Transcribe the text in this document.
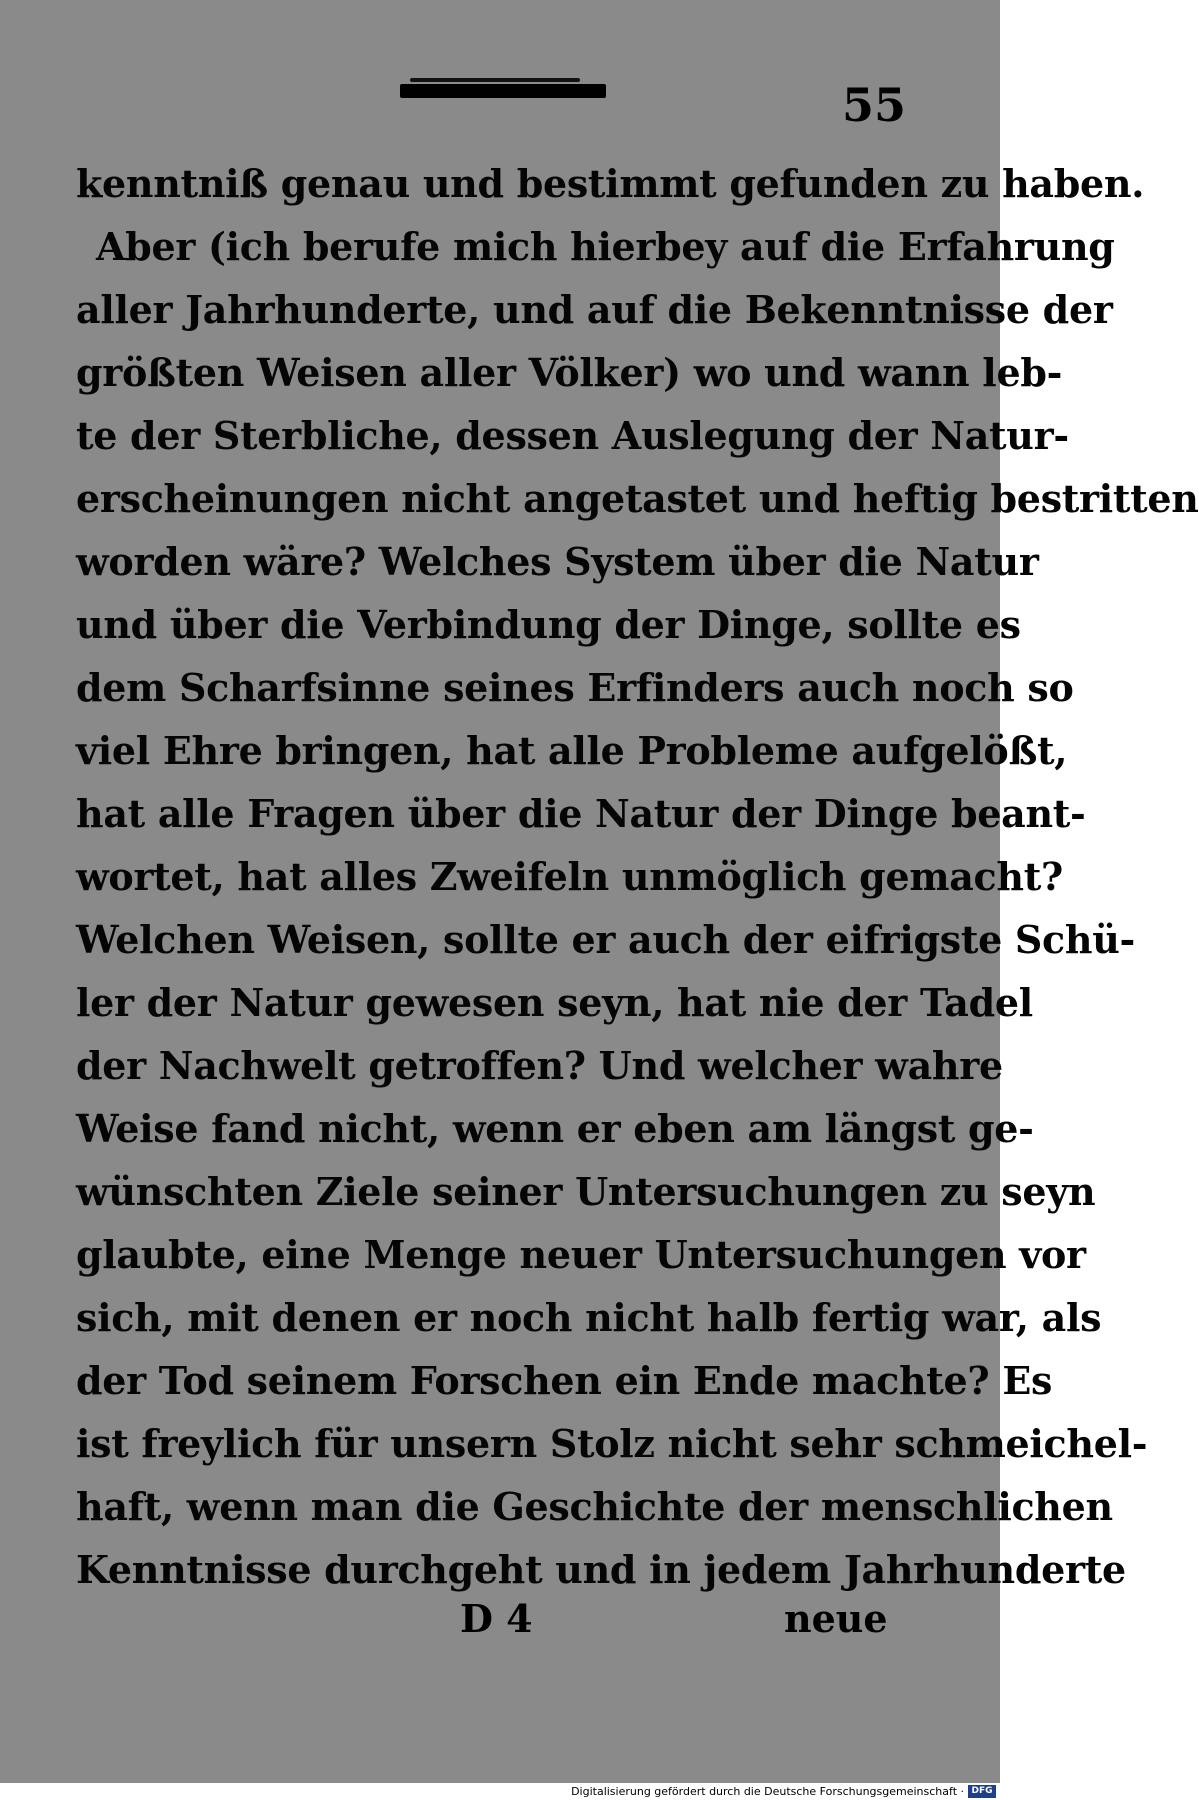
55
kenntniß genau und bestimmt gefunden zu haben.
Aber (ich berufe mich hierbey auf die Erfahrung
aller Jahrhunderte, und auf die Bekenntnisse der
größten Weisen aller Völker) wo und wann leb-
te der Sterbliche, dessen Auslegung der Natur-
erscheinungen nicht angetastet und heftig bestritten
worden wäre? Welches System über die Natur
und über die Verbindung der Dinge, sollte es
dem Scharfsinne seines Erfinders auch noch so
viel Ehre bringen, hat alle Probleme aufgelößt,
hat alle Fragen über die Natur der Dinge beant-
wortet, hat alles Zweifeln unmöglich gemacht?
Welchen Weisen, sollte er auch der eifrigste Schü-
ler der Natur gewesen seyn, hat nie der Tadel
der Nachwelt getroffen? Und welcher wahre
Weise fand nicht, wenn er eben am längst ge-
wünschten Ziele seiner Untersuchungen zu seyn
glaubte, eine Menge neuer Untersuchungen vor
sich, mit denen er noch nicht halb fertig war, als
der Tod seinem Forschen ein Ende machte? Es
ist freylich für unsern Stolz nicht sehr schmeichel-
haft, wenn man die Geschichte der menschlichen
Kenntnisse durchgeht und in jedem Jahrhunderte
D 4	neue
Digitalisierung gefördert durch die Deutsche Forschungsgemeinschaft · DFG
